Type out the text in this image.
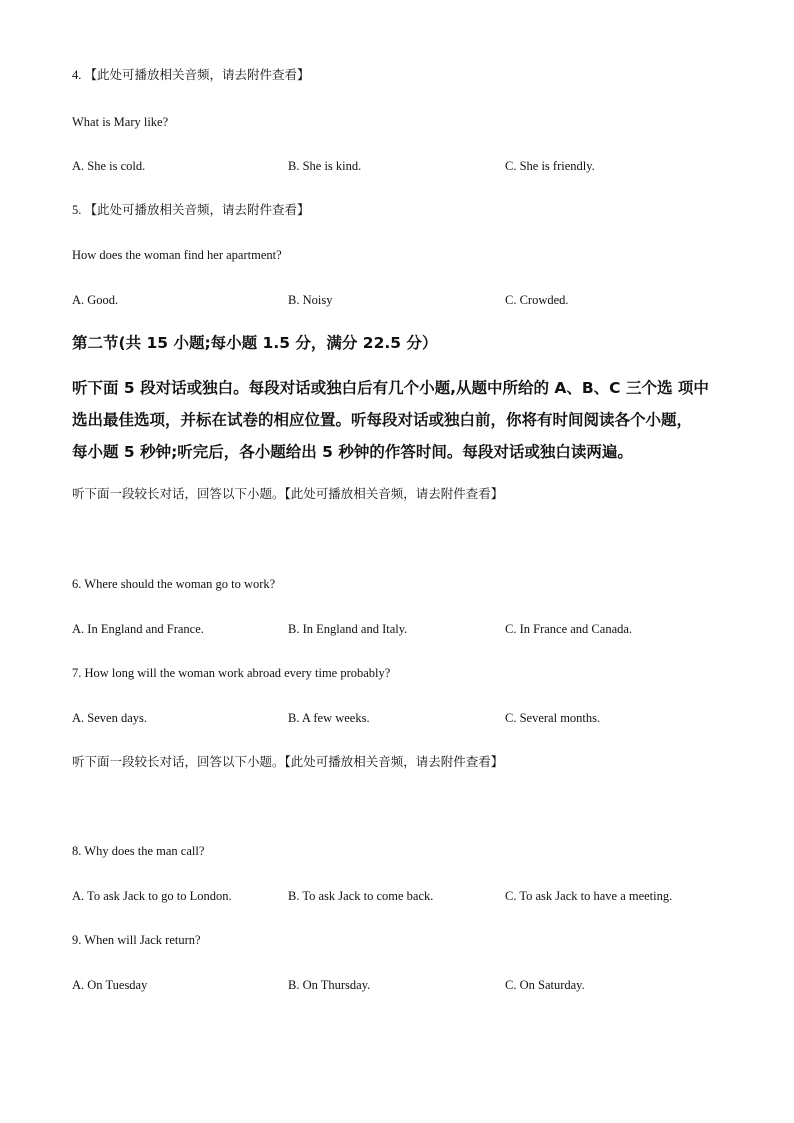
4. 【此处可播放相关音频，请去附件查看】
What is Mary like?
A. She is cold.	B. She is kind.	C. She is friendly.
5. 【此处可播放相关音频，请去附件查看】
How does the woman find her apartment?
A. Good.	B. Noisy	C. Crowded.
第二节(共 15 小题;每小题 1.5 分，满分 22.5 分）
听下面 5 段对话或独白。每段对话或独白后有几个小题,从题中所给的 A、B、C 三个选 项中
选出最佳选项，并标在试卷的相应位置。听每段对话或独白前，你将有时间阅读各个小题，
每小题 5 秒钟;听完后，各小题给出 5 秒钟的作答时间。每段对话或独白读两遍。
听下面一段较长对话，回答以下小题。【此处可播放相关音频，请去附件查看】
6. Where should the woman go to work?
A. In England and France.	B. In England and Italy.	C. In France and Canada.
7. How long will the woman work abroad every time probably?
A. Seven days.	B. A few weeks.	C. Several months.
听下面一段较长对话，回答以下小题。【此处可播放相关音频，请去附件查看】
8. Why does the man call?
A. To ask Jack to go to London.	B. To ask Jack to come back.	C. To ask Jack to have a meeting.
9. When will Jack return?
A. On Tuesday	B. On Thursday.	C. On Saturday.
